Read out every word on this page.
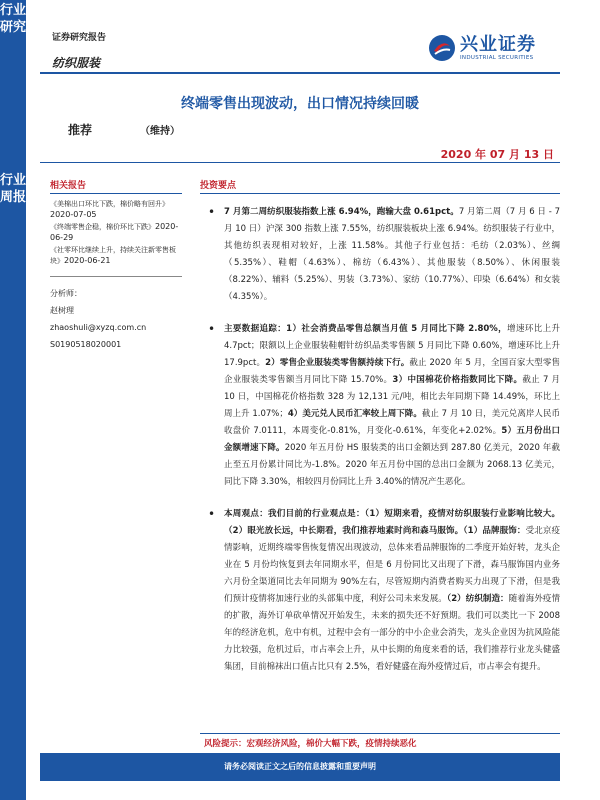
行业研究
行业周报
证券研究报告
纺织服装
兴业证券
INDUSTRIAL SECURITIES
终端零售出现波动，出口情况持续回暖
推荐	（维持）
2020 年 07 月 13 日
相关报告
《美棉出口环比下跌，棉价略有回升》2020-07-05
《终端零售企稳，棉价环比下跌》2020-06-29
《社零环比继续上升，持续关注新零售板块》2020-06-21
分析师：
赵树理
zhaoshuli@xyzq.com.cn
S0190518020001
投资要点
• 7 月第二周纺织服装指数上涨 6.94%，跑输大盘 0.61pct。7 月第二周（7 月 6 日 - 7 月 10 日）沪深 300 指数上涨 7.55%，纺织服装板块上涨 6.94%。纺织服装子行业中，其他纺织表现相对较好，上涨 11.58%。其他子行业包括：毛纺（2.03%）、丝绸（5.35%）、鞋帽（4.63%）、棉纺（6.43%）、其他服装（8.50%）、休闲服装（8.22%）、辅料（5.25%）、男装（3.73%）、家纺（10.77%）、印染（6.64%）和女装（4.35%）。
• 主要数据追踪：1）社会消费品零售总额当月值 5 月同比下降 2.80%，增速环比上升 4.7pct；限额以上企业服装鞋帽针纺织品类零售额 5 月同比下降 0.60%，增速环比上升 17.9pct。2）零售企业服装类零售额持续下行。截止 2020 年 5 月，全国百家大型零售企业服装类零售额当月同比下降 15.70%。3）中国棉花价格指数同比下降。截止 7 月 10 日，中国棉花价格指数 328 为 12,131 元/吨，相比去年同期下降 14.49%，环比上周上升 1.07%；4）美元兑人民币汇率较上周下降。截止 7 月 10 日，美元兑离岸人民币收盘价 7.0111，本周变化-0.81%，月变化-0.61%，年变化+2.02%。5）五月份出口金额增速下降。2020 年五月份 HS 服装类的出口金额达到 287.80 亿美元，2020 年截止至五月份累计同比为-1.8%。2020 年五月份中国的总出口金额为 2068.13 亿美元，同比下降 3.30%，相较四月份同比上升 3.40%的情况产生恶化。
• 本周观点：我们目前的行业观点是：（1）短期来看，疫情对纺织服装行业影响比较大。（2）眼光放长远，中长期看，我们推荐地素时尚和森马服饰。（1）品牌服饰：受北京疫情影响，近期终端零售恢复情况出现波动，总体来看品牌服饰的二季度开始好转，龙头企业在 5 月份均恢复到去年同期水平，但是 6 月份同比又出现了下滑，森马服饰国内业务六月份全渠道同比去年同期为 90%左右，尽管短期内消费者购买力出现了下滑，但是我们预计疫情将加速行业的头部集中度，利好公司未来发展。（2）纺织制造：随着海外疫情的扩散，海外订单砍单情况开始发生，未来的损失还不好预期。我们可以类比一下 2008 年的经济危机，危中有机，过程中会有一部分的中小企业会消失，龙头企业因为抗风险能力比较强，危机过后，市占率会上升，从中长期的角度来看的话，我们推荐行业龙头健盛集团，目前棉袜出口值占比只有 2.5%，看好健盛在海外疫情过后，市占率会有提升。
风险提示：宏观经济风险，棉价大幅下跌，疫情持续恶化
请务必阅读正文之后的信息披露和重要声明
